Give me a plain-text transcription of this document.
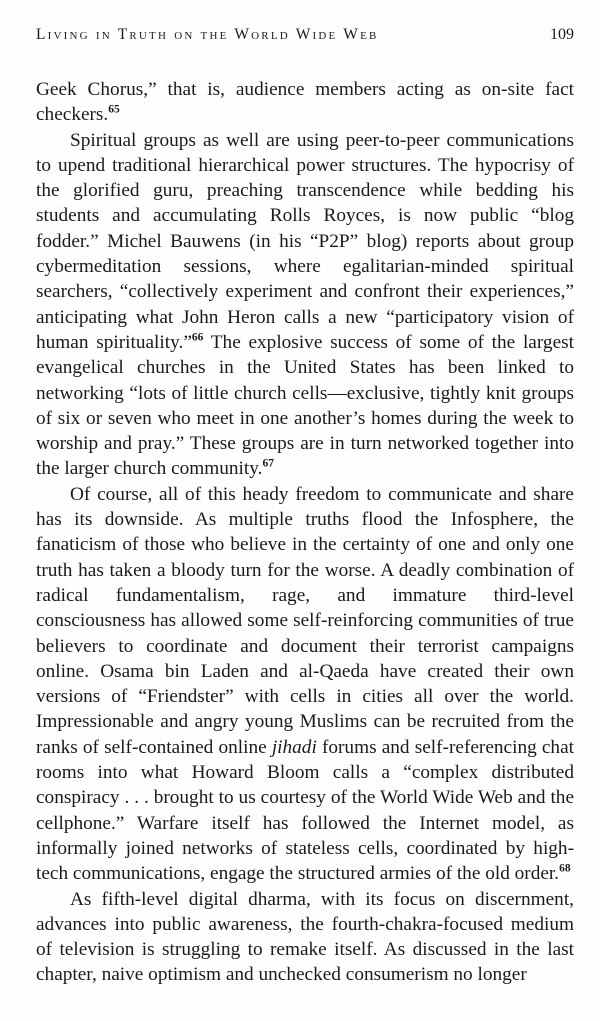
Living in Truth on the World Wide Web	109

Geek Chorus,” that is, audience members acting as on-site fact checkers.$^{65}$

Spiritual groups as well are using peer-to-peer communications to upend traditional hierarchical power structures. The hypocrisy of the glorified guru, preaching transcendence while bedding his students and accumulating Rolls Royces, is now public “blog fodder.” Michel Bauwens (in his “P2P” blog) reports about group cybermeditation sessions, where egalitarian-minded spiritual searchers, “collectively experiment and confront their experiences,” anticipating what John Heron calls a new “participatory vision of human spirituality.”$^{66}$ The explosive success of some of the largest evangelical churches in the United States has been linked to networking “lots of little church cells—exclusive, tightly knit groups of six or seven who meet in one another’s homes during the week to worship and pray.” These groups are in turn networked together into the larger church community.$^{67}$

Of course, all of this heady freedom to communicate and share has its downside. As multiple truths flood the Infosphere, the fanaticism of those who believe in the certainty of one and only one truth has taken a bloody turn for the worse. A deadly combination of radical fundamentalism, rage, and immature third-level consciousness has allowed some self-reinforcing communities of true believers to coordinate and document their terrorist campaigns online. Osama bin Laden and al-Qaeda have created their own versions of “Friendster” with cells in cities all over the world. Impressionable and angry young Muslims can be recruited from the ranks of self-contained online jihadi forums and self-referencing chat rooms into what Howard Bloom calls a “complex distributed conspiracy . . . brought to us courtesy of the World Wide Web and the cellphone.” Warfare itself has followed the Internet model, as informally joined networks of stateless cells, coordinated by high-tech communications, engage the structured armies of the old order.$^{68}$

As fifth-level digital dharma, with its focus on discernment, advances into public awareness, the fourth-chakra-focused medium of television is struggling to remake itself. As discussed in the last chapter, naive optimism and unchecked consumerism no longer
